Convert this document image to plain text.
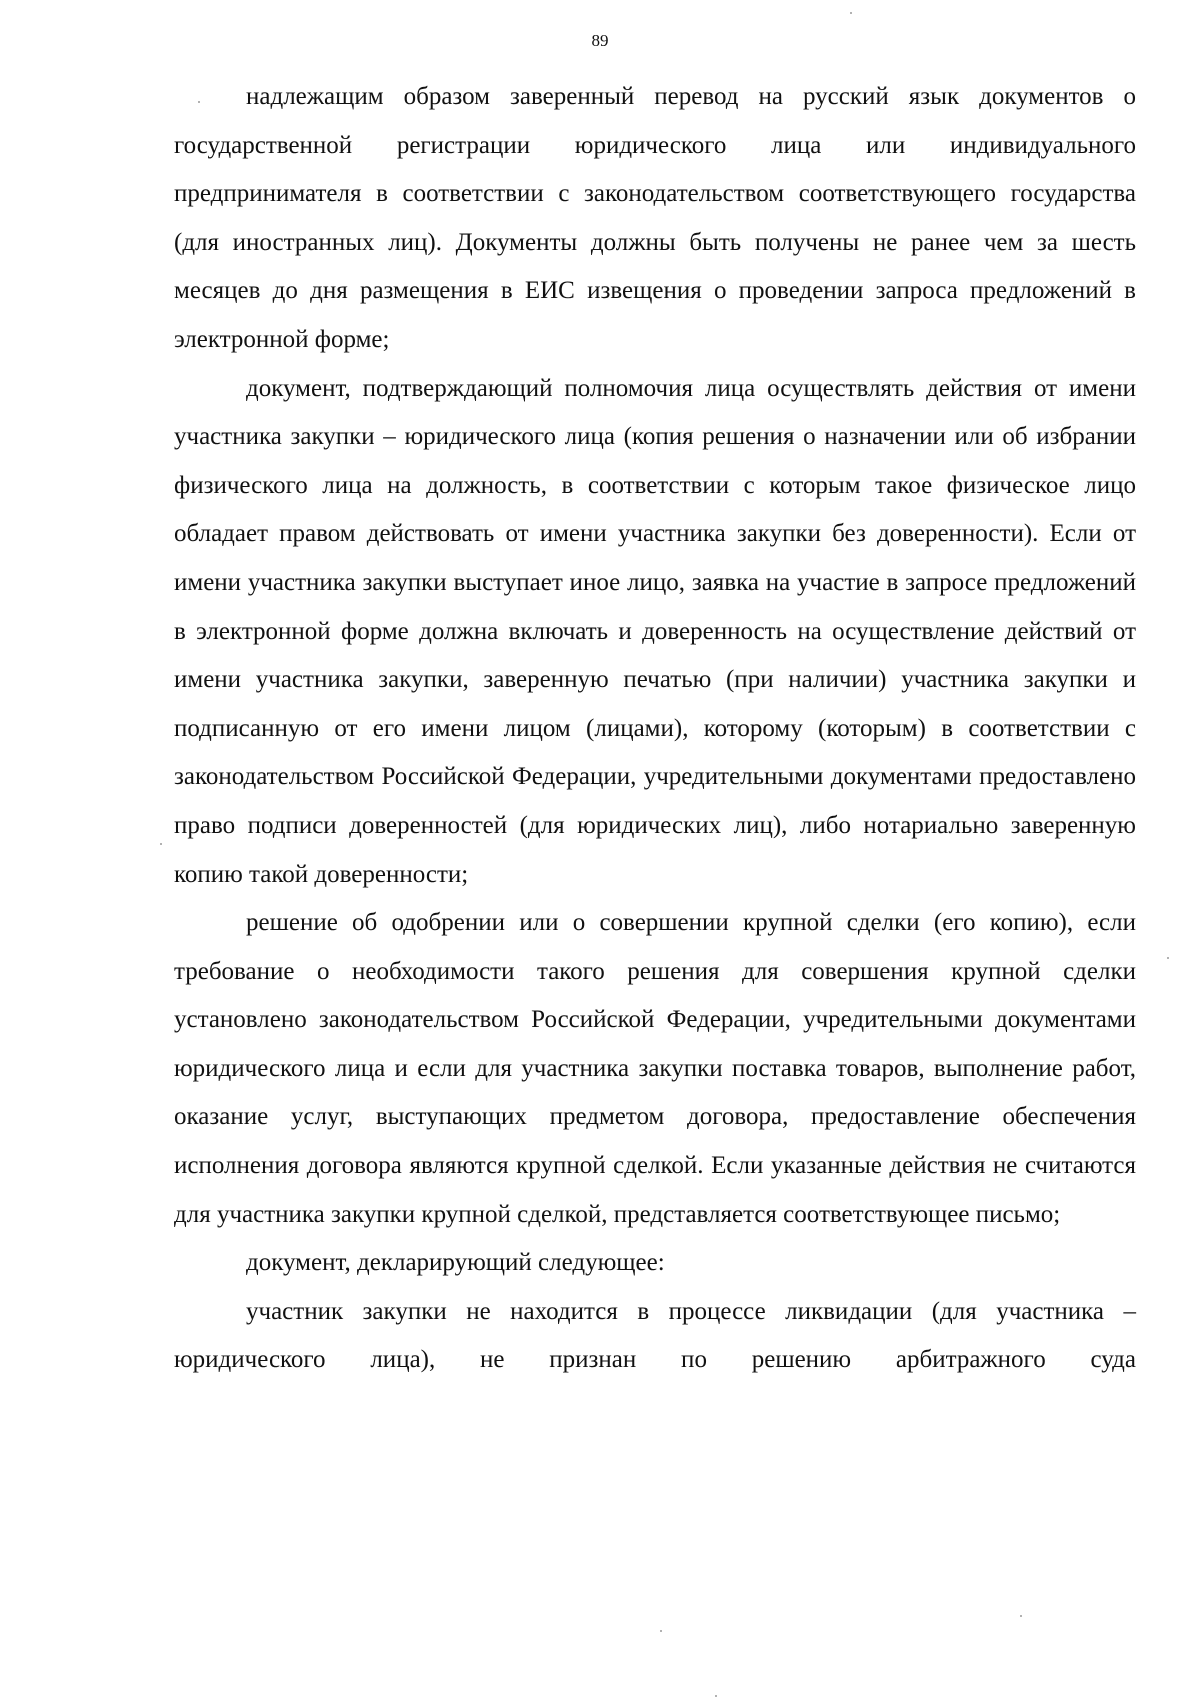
89

надлежащим образом заверенный перевод на русский язык документов о государственной регистрации юридического лица или индивидуального предпринимателя в соответствии с законодательством соответствующего государства (для иностранных лиц). Документы должны быть получены не ранее чем за шесть месяцев до дня размещения в ЕИС извещения о проведении запроса предложений в электронной форме;

документ, подтверждающий полномочия лица осуществлять действия от имени участника закупки – юридического лица (копия решения о назначении или об избрании физического лица на должность, в соответствии с которым такое физическое лицо обладает правом действовать от имени участника закупки без доверенности). Если от имени участника закупки выступает иное лицо, заявка на участие в запросе предложений в электронной форме должна включать и доверенность на осуществление действий от имени участника закупки, заверенную печатью (при наличии) участника закупки и подписанную от его имени лицом (лицами), которому (которым) в соответствии с законодательством Российской Федерации, учредительными документами предоставлено право подписи доверенностей (для юридических лиц), либо нотариально заверенную копию такой доверенности;

решение об одобрении или о совершении крупной сделки (его копию), если требование о необходимости такого решения для совершения крупной сделки установлено законодательством Российской Федерации, учредительными документами юридического лица и если для участника закупки поставка товаров, выполнение работ, оказание услуг, выступающих предметом договора, предоставление обеспечения исполнения договора являются крупной сделкой. Если указанные действия не считаются для участника закупки крупной сделкой, представляется соответствующее письмо;

документ, декларирующий следующее:

участник закупки не находится в процессе ликвидации (для участника – юридического лица), не признан по решению арбитражного суда
